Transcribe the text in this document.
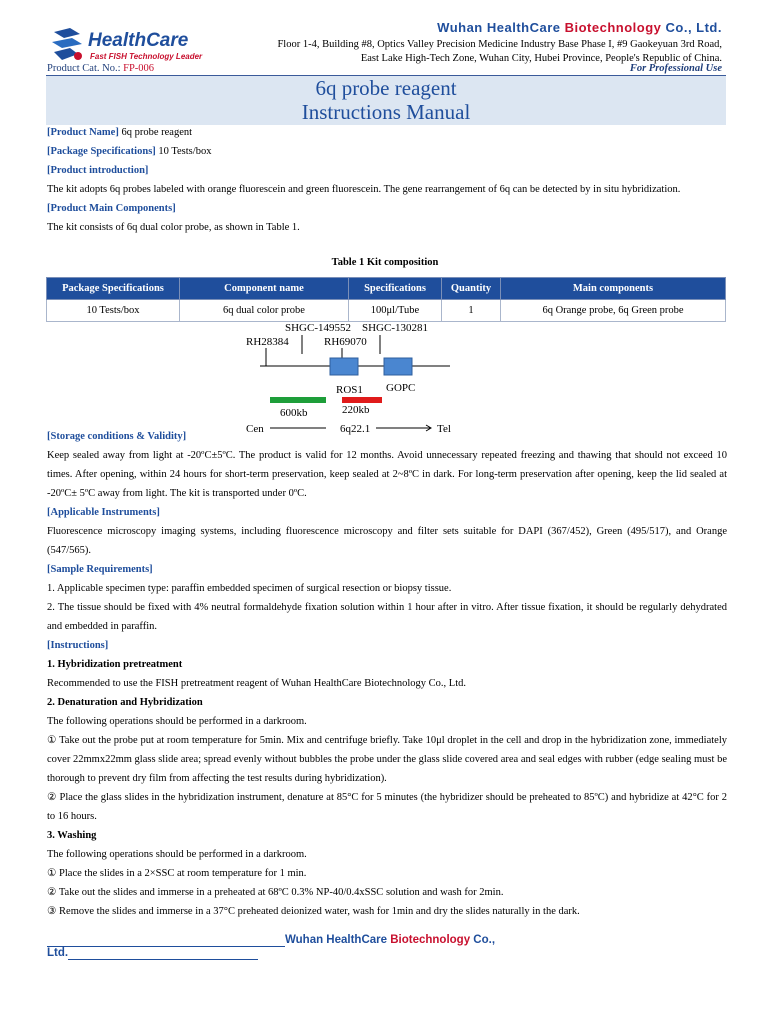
HealthCare
Fast FISH Technology Leader
Wuhan HealthCare Biotechnology Co., Ltd.
Floor 1-4, Building #8, Optics Valley Precision Medicine Industry Base Phase I, #9 Gaokeyuan 3rd Road,
East Lake High-Tech Zone, Wuhan City, Hubei Province, People's Republic of China.
Product Cat. No.: FP-006	For Professional Use
6q probe reagent
Instructions Manual
[Product Name] 6q probe reagent
[Package Specifications] 10 Tests/box
[Product introduction]
The kit adopts 6q probes labeled with orange fluorescein and green fluorescein. The gene rearrangement of 6q can be detected by in situ hybridization.
[Product Main Components]
The kit consists of 6q dual color probe, as shown in Table 1.
Table 1 Kit composition
Package Specifications	Component name	Specifications	Quantity	Main components
10 Tests/box	6q dual color probe	100μl/Tube	1	6q Orange probe, 6q Green probe
SHGC-149552 SHGC-130281
RH28384	RH69070
ROS1 GOPC
600kb	220kb
Cen	6q22.1	Tel
[Storage conditions & Validity]
Keep sealed away from light at -20ºC±5ºC. The product is valid for 12 months. Avoid unnecessary repeated freezing and thawing that should not exceed 10 times. After opening, within 24 hours for short-term preservation, keep sealed at 2~8ºC in dark. For long-term preservation after opening, keep the lid sealed at -20ºC± 5ºC away from light. The kit is transported under 0ºC.
[Applicable Instruments]
Fluorescence microscopy imaging systems, including fluorescence microscopy and filter sets suitable for DAPI (367/452), Green (495/517), and Orange (547/565).
[Sample Requirements]
1. Applicable specimen type: paraffin embedded specimen of surgical resection or biopsy tissue.
2. The tissue should be fixed with 4% neutral formaldehyde fixation solution within 1 hour after in vitro. After tissue fixation, it should be regularly dehydrated and embedded in paraffin.
[Instructions]
1. Hybridization pretreatment
Recommended to use the FISH pretreatment reagent of Wuhan HealthCare Biotechnology Co., Ltd.
2. Denaturation and Hybridization
The following operations should be performed in a darkroom.
① Take out the probe put at room temperature for 5min. Mix and centrifuge briefly. Take 10μl droplet in the cell and drop in the hybridization zone, immediately cover 22mmx22mm glass slide area; spread evenly without bubbles the probe under the glass slide covered area and seal edges with rubber (edge sealing must be thorough to prevent dry film from affecting the test results during hybridization).
② Place the glass slides in the hybridization instrument, denature at 85°C for 5 minutes (the hybridizer should be preheated to 85ºC) and hybridize at 42°C for 2 to 16 hours.
3. Washing
The following operations should be performed in a darkroom.
① Place the slides in a 2×SSC at room temperature for 1 min.
② Take out the slides and immerse in a preheated at 68ºC 0.3% NP-40/0.4xSSC solution and wash for 2min.
③ Remove the slides and immerse in a 37°C preheated deionized water, wash for 1min and dry the slides naturally in the dark.
Wuhan HealthCare Biotechnology Co.,
Ltd.
